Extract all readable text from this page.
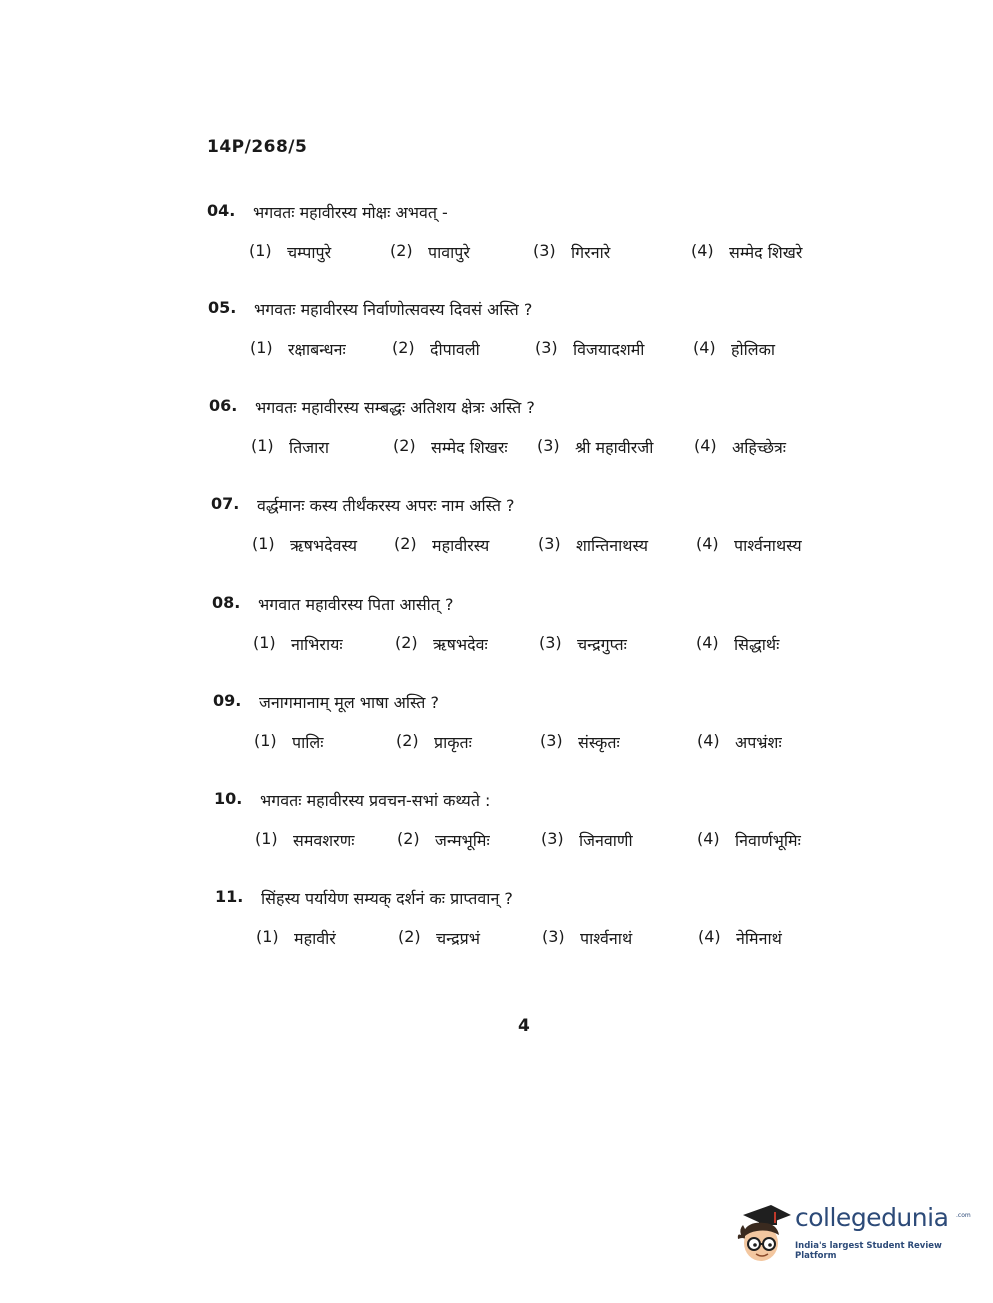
14P/268/5
04.	भगवतः महावीरस्य मोक्षः अभवत् -
(1) चम्पापुरे	(2) पावापुरे	(3) गिरनारे	(4) सम्मेद शिखरे
05.	भगवतः महावीरस्य निर्वाणोत्सवस्य दिवसं अस्ति ?
(1) रक्षाबन्धनः	(2) दीपावली	(3) विजयादशमी	(4) होलिका
06.	भगवतः महावीरस्य सम्बद्धः अतिशय क्षेत्रः अस्ति ?
(1) तिजारा	(2) सम्मेद शिखरः (3) श्री महावीरजी	(4) अहिच्छेत्रः
07.	वर्द्धमानः कस्य तीर्थंकरस्य अपरः नाम अस्ति ?
(1) ऋषभदेवस्य (2) महावीरस्य	(3) शान्तिनाथस्य	(4) पार्श्वनाथस्य
08.	भगवात महावीरस्य पिता आसीत् ?
(1) नाभिरायः	(2) ऋषभदेवः	(3) चन्द्रगुप्तः	(4) सिद्धार्थः
09.	जनागमानाम् मूल भाषा अस्ति ?
(1) पालिः	(2) प्राकृतः	(3) संस्कृतः	(4) अपभ्रंशः
10.	भगवतः महावीरस्य प्रवचन-सभां कथ्यते :
(1) समवशरणः	(2) जन्मभूमिः	(3) जिनवाणी	(4) निवार्णभूमिः
11.	सिंहस्य पर्यायेण सम्यक् दर्शनं कः प्राप्तवान् ?
(1) महावीरं	(2) चन्द्रप्रभं	(3) पार्श्वनाथं	(4) नेमिनाथं
4
collegedunia .com
India's largest Student Review Platform
